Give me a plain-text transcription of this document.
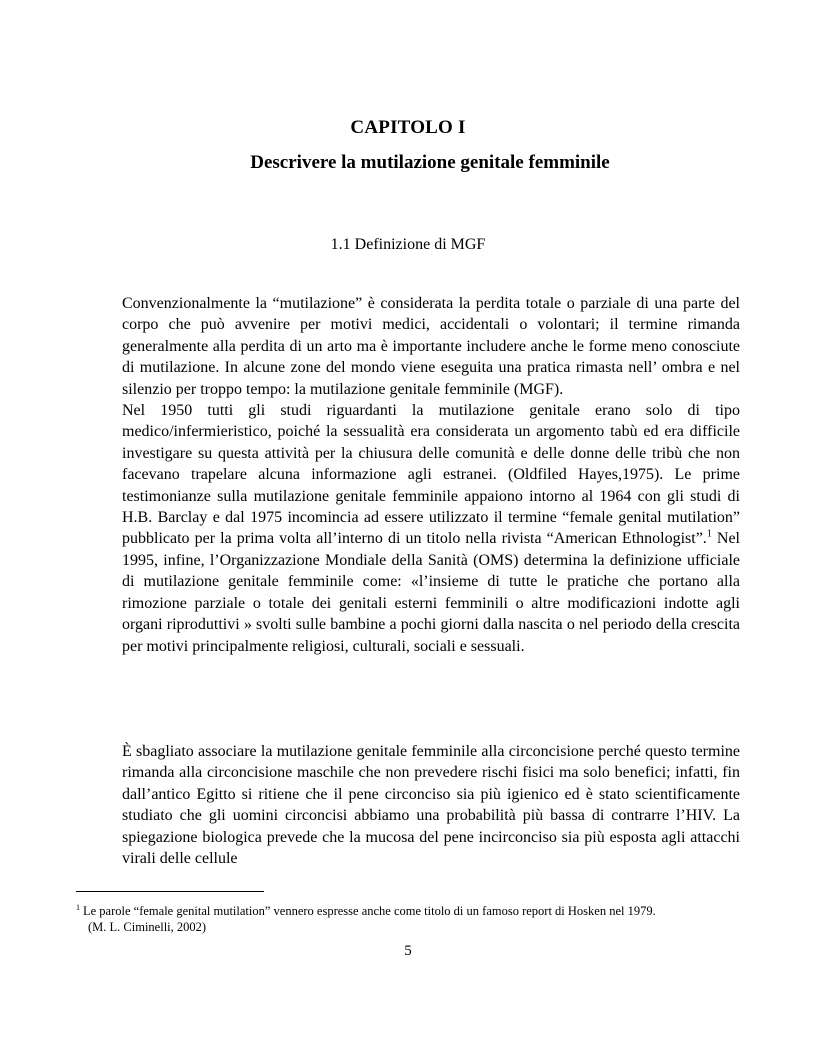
CAPITOLO I
Descrivere la mutilazione genitale femminile
1.1 Definizione di MGF

Convenzionalmente la “mutilazione” è considerata la perdita totale o parziale di una parte del corpo che può avvenire per motivi medici, accidentali o volontari; il termine rimanda generalmente alla perdita di un arto ma è importante includere anche le forme meno conosciute di mutilazione. In alcune zone del mondo viene eseguita una pratica rimasta nell’ ombra e nel silenzio per troppo tempo: la mutilazione genitale femminile (MGF).

Nel 1950 tutti gli studi riguardanti la mutilazione genitale erano solo di tipo medico/infermieristico, poiché la sessualità era considerata un argomento tabù ed era difficile investigare su questa attività per la chiusura delle comunità e delle donne delle tribù che non facevano trapelare alcuna informazione agli estranei. (Oldfiled Hayes,1975). Le prime testimonianze sulla mutilazione genitale femminile appaiono intorno al 1964 con gli studi di H.B. Barclay e dal 1975 incomincia ad essere utilizzato il termine “female genital mutilation” pubblicato per la prima volta all’interno di un titolo nella rivista “American Ethnologist”.$^1$ Nel 1995, infine, l’Organizzazione Mondiale della Sanità (OMS) determina la definizione ufficiale di mutilazione genitale femminile come: «l’insieme di tutte le pratiche che portano alla rimozione parziale o totale dei genitali esterni femminili o altre modificazioni indotte agli organi riproduttivi » svolti sulle bambine a pochi giorni dalla nascita o nel periodo della crescita per motivi principalmente religiosi, culturali, sociali e sessuali.

È sbagliato associare la mutilazione genitale femminile alla circoncisione perché questo termine rimanda alla circoncisione maschile che non prevedere rischi fisici ma solo benefici; infatti, fin dall’antico Egitto si ritiene che il pene circonciso sia più igienico ed è stato scientificamente studiato che gli uomini circoncisi abbiamo una probabilità più bassa di contrarre l’HIV. La spiegazione biologica prevede che la mucosa del pene incirconciso sia più esposta agli attacchi virali delle cellule

$^1$ Le parole “female genital mutilation” vennero espresse anche come titolo di un famoso report di Hosken nel 1979.
(M. L. Ciminelli, 2002)
5
